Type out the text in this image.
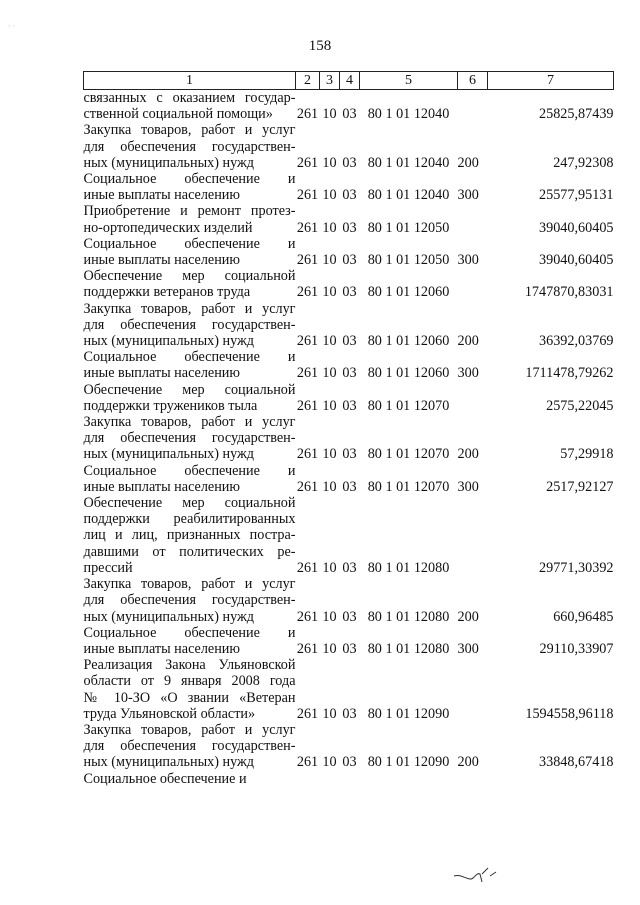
· ·
158
1	2	3	4	5	6	7

связанных с оказанием государ-
ственной социальной помощи»	261	10	03	80 1 01 12040		25825,87439

Закупка товаров, работ и услуг
для обеспечения государствен-
ных (муниципальных) нужд	261	10	03	80 1 01 12040	200	247,92308

Социальное обеспечение и
иные выплаты населению	261	10	03	80 1 01 12040	300	25577,95131

Приобретение и ремонт протез-
но-ортопедических изделий	261	10	03	80 1 01 12050		39040,60405

Социальное обеспечение и
иные выплаты населению	261	10	03	80 1 01 12050	300	39040,60405

Обеспечение мер социальной
поддержки ветеранов труда	261	10	03	80 1 01 12060		1747870,83031

Закупка товаров, работ и услуг
для обеспечения государствен-
ных (муниципальных) нужд	261	10	03	80 1 01 12060	200	36392,03769

Социальное обеспечение и
иные выплаты населению	261	10	03	80 1 01 12060	300	1711478,79262

Обеспечение мер социальной
поддержки тружеников тыла	261	10	03	80 1 01 12070		2575,22045

Закупка товаров, работ и услуг
для обеспечения государствен-
ных (муниципальных) нужд	261	10	03	80 1 01 12070	200	57,29918

Социальное обеспечение и
иные выплаты населению	261	10	03	80 1 01 12070	300	2517,92127

Обеспечение мер социальной
поддержки реабилитированных
лиц и лиц, признанных постра-
давшими от политических ре-
прессий	261	10	03	80 1 01 12080		29771,30392

Закупка товаров, работ и услуг
для обеспечения государствен-
ных (муниципальных) нужд	261	10	03	80 1 01 12080	200	660,96485

Социальное обеспечение и
иные выплаты населению	261	10	03	80 1 01 12080	300	29110,33907

Реализация Закона Ульяновской
области от 9 января 2008 года
№ 10-ЗО «О звании «Ветеран
труда Ульяновской области»	261	10	03	80 1 01 12090		1594558,96118

Закупка товаров, работ и услуг
для обеспечения государствен-
ных (муниципальных) нужд	261	10	03	80 1 01 12090	200	33848,67418

Социальное обеспечение и						
